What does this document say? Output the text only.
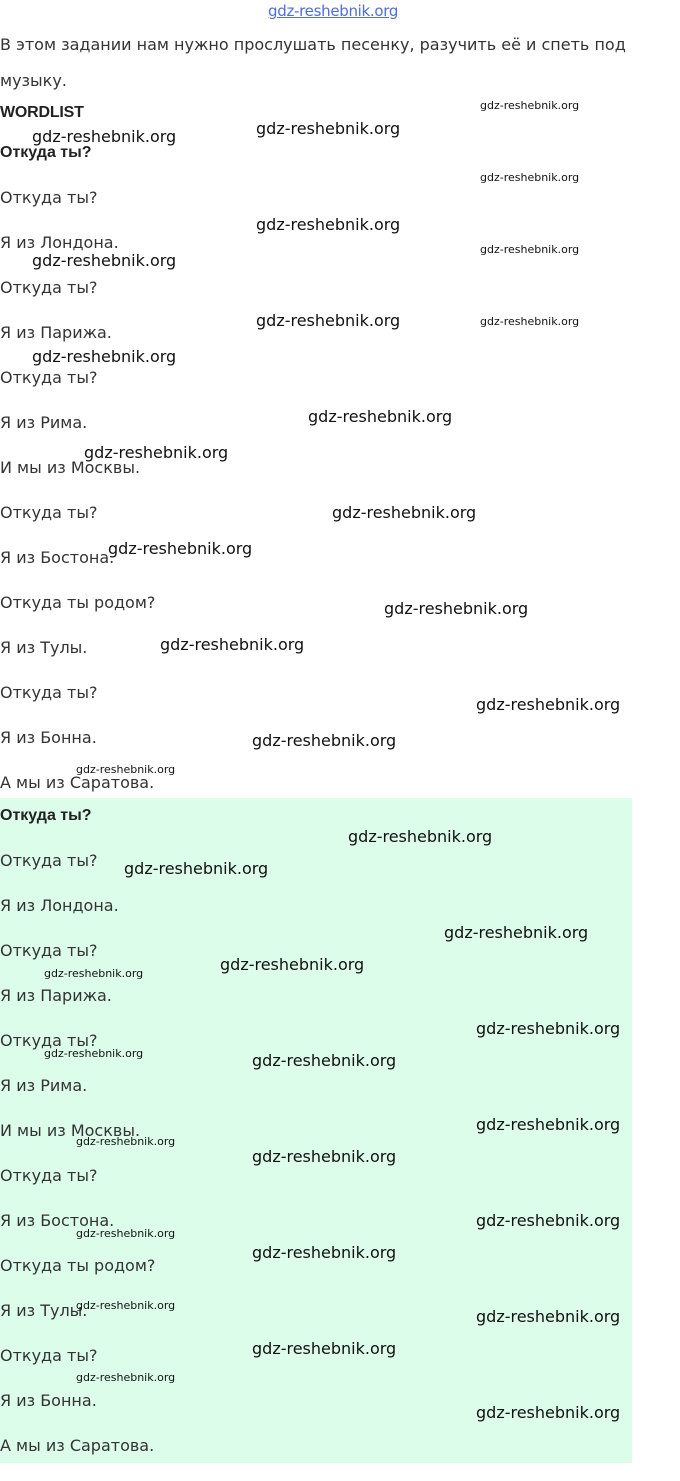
gdz-reshebnik.org
В этом задании нам нужно прослушать песенку, разучить её и спеть под музыку.
WORDLIST
Откуда ты?
Откуда ты?
Я из Лондона.
Откуда ты?
Я из Парижа.
Откуда ты?
Я из Рима.
И мы из Москвы.
Откуда ты?
Я из Бостона.
Откуда ты родом?
Я из Тулы.
Откуда ты?
Я из Бонна.
А мы из Саратова.
Откуда ты?
Откуда ты?
Я из Лондона.
Откуда ты?
Я из Парижа.
Откуда ты?
Я из Рима.
И мы из Москвы.
Откуда ты?
Я из Бостона.
Откуда ты родом?
Я из Тулы.
Откуда ты?
Я из Бонна.
А мы из Саратова.
gdz-reshebnik.org
gdz-reshebnik.org
gdz-reshebnik.org
gdz-reshebnik.org
gdz-reshebnik.org
gdz-reshebnik.org
gdz-reshebnik.org
gdz-reshebnik.org	gdz-reshebnik.org
gdz-reshebnik.org
gdz-reshebnik.org
gdz-reshebnik.org
gdz-reshebnik.org
gdz-reshebnik.org
gdz-reshebnik.org
gdz-reshebnik.org
gdz-reshebnik.org
gdz-reshebnik.org
gdz-reshebnik.org
gdz-reshebnik.org
gdz-reshebnik.org
gdz-reshebnik.org
gdz-reshebnik.org
gdz-reshebnik.org
gdz-reshebnik.org
gdz-reshebnik.org	gdz-reshebnik.org
gdz-reshebnik.org
gdz-reshebnik.org
gdz-reshebnik.org
gdz-reshebnik.org
gdz-reshebnik.org
gdz-reshebnik.org
gdz-reshebnik.org
gdz-reshebnik.org
gdz-reshebnik.org
gdz-reshebnik.org
gdz-reshebnik.org
